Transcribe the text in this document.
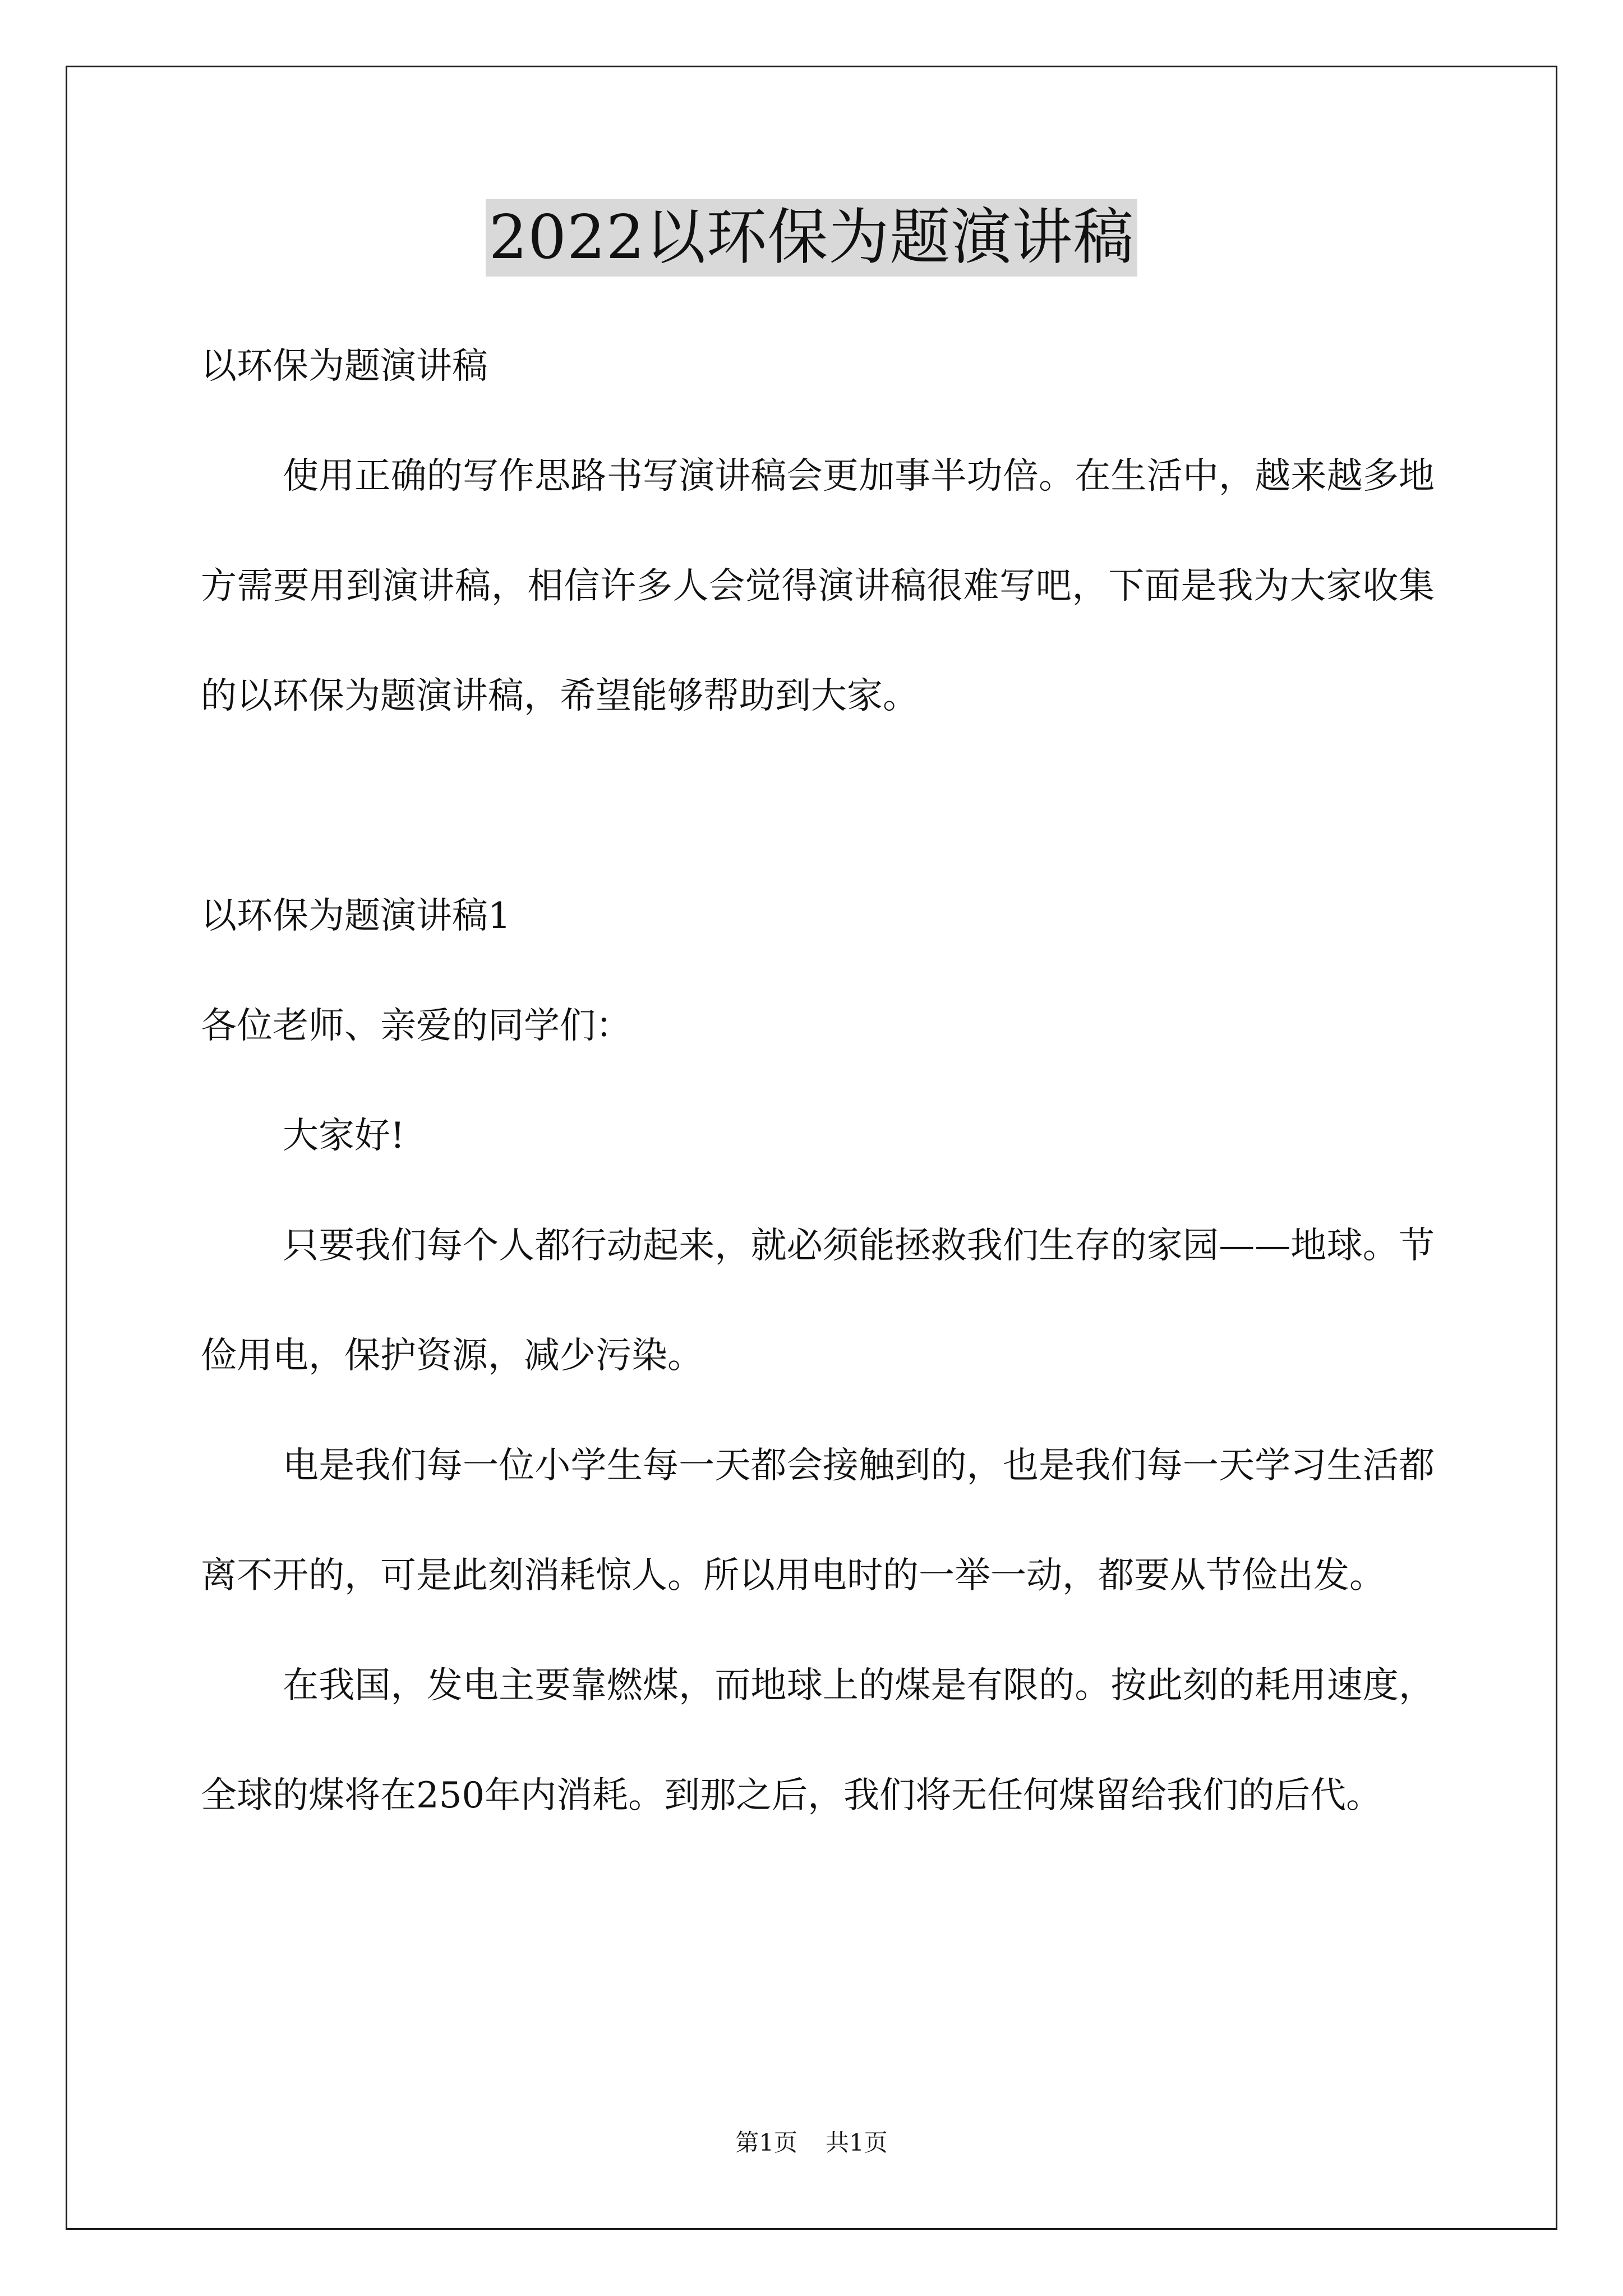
2022以环保为题演讲稿

以环保为题演讲稿

使用正确的写作思路书写演讲稿会更加事半功倍。在生活中，越来越多地方需要用到演讲稿，相信许多人会觉得演讲稿很难写吧，下面是我为大家收集的以环保为题演讲稿，希望能够帮助到大家。

以环保为题演讲稿1

各位老师、亲爱的同学们：

大家好!

只要我们每个人都行动起来，就必须能拯救我们生存的家园——地球。节俭用电，保护资源，减少污染。

电是我们每一位小学生每一天都会接触到的，也是我们每一天学习生活都离不开的，可是此刻消耗惊人。所以用电时的一举一动，都要从节俭出发。

在我国，发电主要靠燃煤，而地球上的煤是有限的。按此刻的耗用速度，全球的煤将在250年内消耗。到那之后，我们将无任何煤留给我们的后代。

第1页 共1页
